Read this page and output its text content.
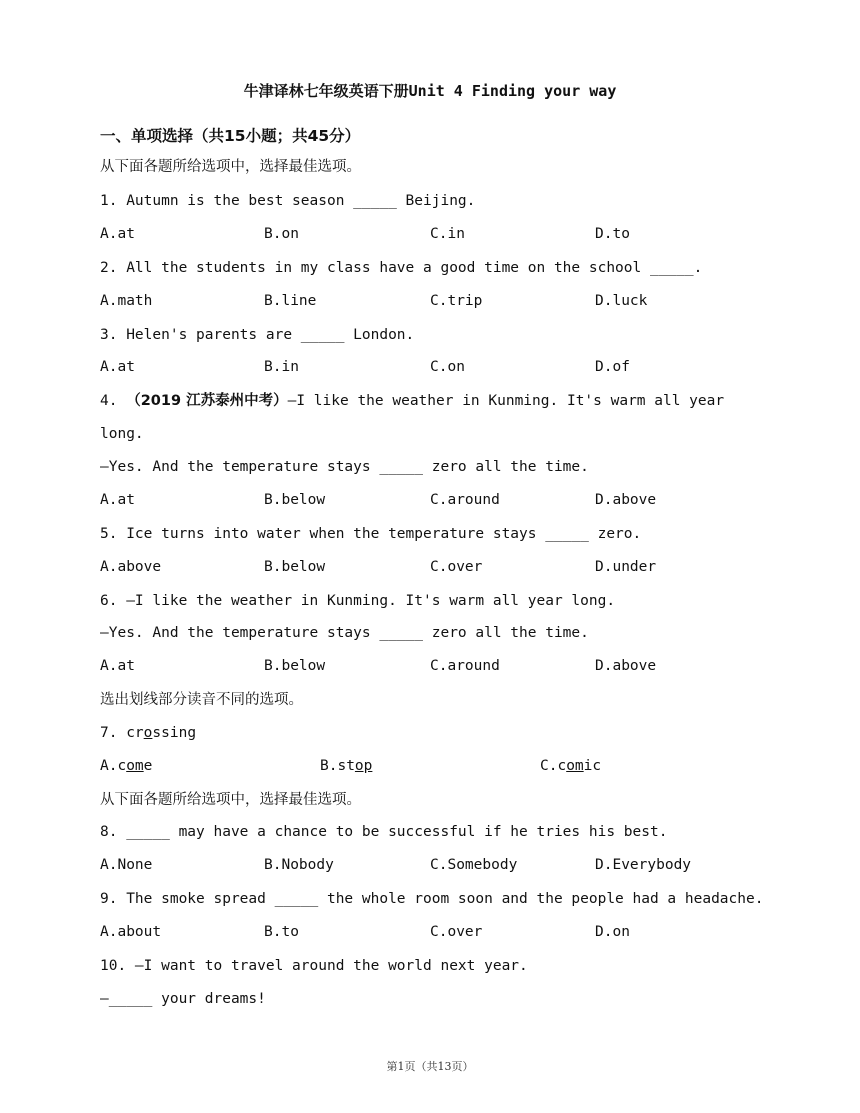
牛津译林七年级英语下册Unit 4 Finding your way
一、单项选择（共15小题；共45分）
从下面各题所给选项中，选择最佳选项。
1. Autumn is the best season _____ Beijing.

A.at

	B.on

	C.in

	D.to

2. All the students in my class have a good time on the school _____.

A.math

	B.line

	C.trip

	D.luck

3. Helen's parents are _____ London.

A.at

	B.in

	C.on

	D.of

4. （2019 江苏泰州中考）—I like the weather in Kunming. It's warm all year
long.
—Yes. And the temperature stays _____ zero all the time.

A.at

	B.below

	C.around

	D.above

5. Ice turns into water when the temperature stays _____ zero.

A.above

	B.below

	C.over

	D.under

6. —I like the weather in Kunming. It's warm all year long.
—Yes. And the temperature stays _____ zero all the time.

A.at

	B.below

	C.around

	D.above

选出划线部分读音不同的选项。
7. crossing

A.come

	B.stop

	C.comic

从下面各题所给选项中，选择最佳选项。
8. _____ may have a chance to be successful if he tries his best.

A.None

	B.Nobody

	C.Somebody

	D.Everybody

9. The smoke spread _____ the whole room soon and the people had a headache.

A.about

	B.to

	C.over

	D.on

10. —I want to travel around the world next year.
—_____ your dreams!
第1页（共13页）
